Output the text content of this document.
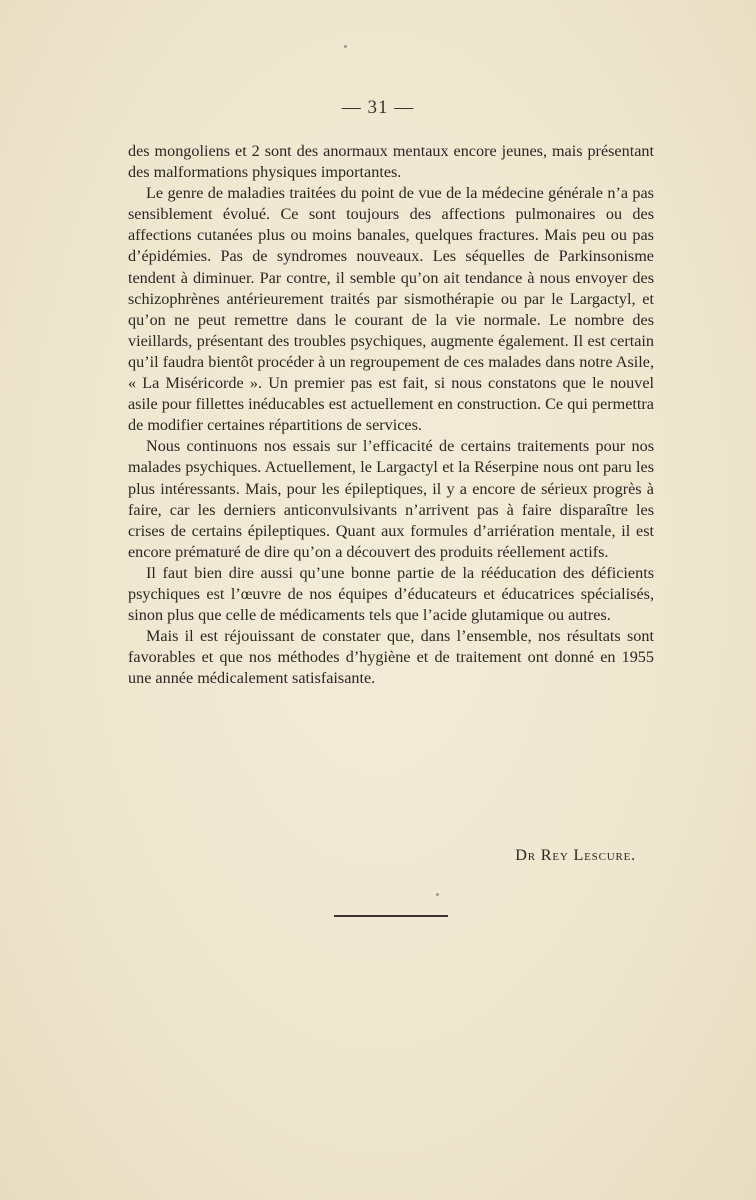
— 31 —

des mongoliens et 2 sont des anormaux mentaux encore jeunes, mais présentant des malformations physiques importantes.

Le genre de maladies traitées du point de vue de la médecine générale n’a pas sensiblement évolué. Ce sont toujours des affections pulmonaires ou des affections cutanées plus ou moins banales, quelques fractures. Mais peu ou pas d’épidémies. Pas de syndromes nouveaux. Les séquelles de Parkinsonisme tendent à diminuer. Par contre, il semble qu’on ait tendance à nous envoyer des schizophrènes antérieurement traités par sismothérapie ou par le Largactyl, et qu’on ne peut remettre dans le courant de la vie normale. Le nombre des vieillards, présentant des troubles psychiques, augmente également. Il est certain qu’il faudra bientôt procéder à un regroupement de ces malades dans notre Asile, « La Miséricorde ». Un premier pas est fait, si nous constatons que le nouvel asile pour fillettes inéducables est actuellement en construction. Ce qui permettra de modifier certaines répartitions de services.

Nous continuons nos essais sur l’efficacité de certains traitements pour nos malades psychiques. Actuellement, le Largactyl et la Réserpine nous ont paru les plus intéressants. Mais, pour les épileptiques, il y a encore de sérieux progrès à faire, car les derniers anticonvulsivants n’arrivent pas à faire disparaître les crises de certains épileptiques. Quant aux formules d’arriération mentale, il est encore prématuré de dire qu’on a découvert des produits réellement actifs.

Il faut bien dire aussi qu’une bonne partie de la rééducation des déficients psychiques est l’œuvre de nos équipes d’éducateurs et éducatrices spécialisés, sinon plus que celle de médicaments tels que l’acide glutamique ou autres.

Mais il est réjouissant de constater que, dans l’ensemble, nos résultats sont favorables et que nos méthodes d’hygiène et de traitement ont donné en 1955 une année médicalement satisfaisante.

Dr Rey Lescure.
